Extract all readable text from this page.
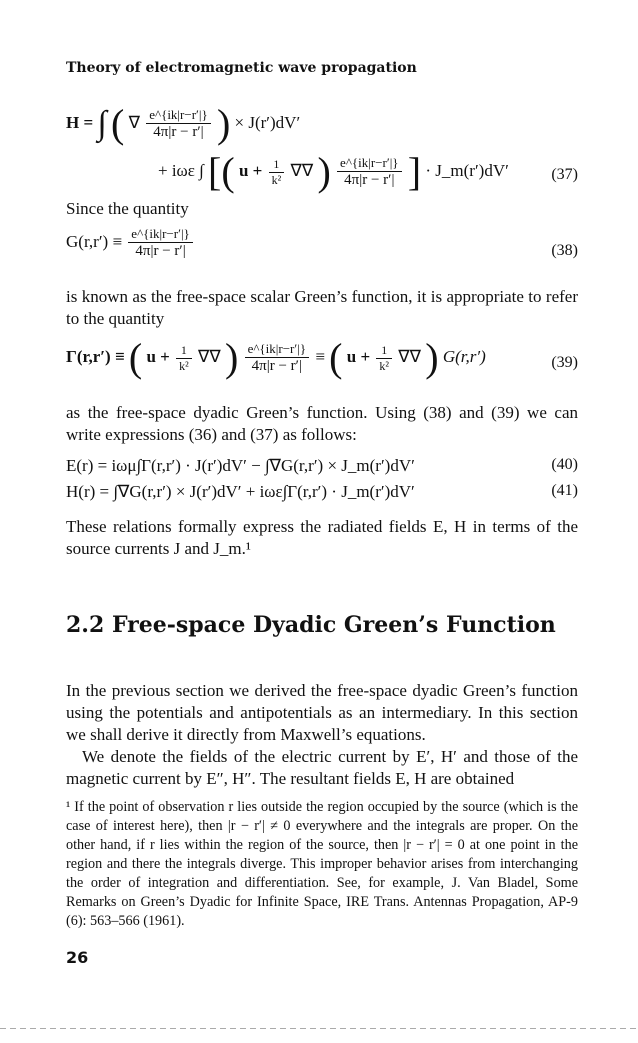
Theory of electromagnetic wave propagation
H = ∫ ( ∇ $\frac{e\^{}\{ik|r-r'|\}}{4\pi|r - r'|}$ ) × J(r′)dV′
+ iωε ∫ [( $u + \frac{1}{\text{k²}}$ ∇∇ ) $\frac{e\^{}\{ik|r-r'|\}}{4\pi|r - r'|}$ ] · J_m(r′)dV′	(37)

Since the quantity

$G(r,r') \equiv \frac{e\^{}\{ik|r-r'|\}}{4\pi|r - r'|}$	(38)

is known as the free-space scalar Green’s function, it is appropriate to refer to the quantity

Γ(r,r′) ≡ ( $u + \frac{1}{\text{k²}}$ ∇∇ ) $\frac{e\^{}\{ik|r-r'|\}}{4\pi|r - r'|}$ ≡ ( $u + \frac{1}{\text{k²}}$ ∇∇ ) G(r,r′)	(39)

as the free-space dyadic Green’s function. Using (38) and (39) we can write expressions (36) and (37) as follows:

E(r) = iωμ∫Γ(r,r′) · J(r′)dV′ − ∫∇G(r,r′) × J_m(r′)dV′	(40)
H(r) = ∫∇G(r,r′) × J(r′)dV′ + iωε∫Γ(r,r′) · J_m(r′)dV′	(41)

These relations formally express the radiated fields E, H in terms of the source currents J and J_m.¹

2.2 Free-space Dyadic Green’s Function

In the previous section we derived the free-space dyadic Green’s function using the potentials and antipotentials as an intermediary. In this section we shall derive it directly from Maxwell’s equations.

We denote the fields of the electric current by E′, H′ and those of the magnetic current by E″, H″. The resultant fields E, H are obtained

¹ If the point of observation r lies outside the region occupied by the source (which is the case of interest here), then |r − r′| ≠ 0 everywhere and the integrals are proper. On the other hand, if r lies within the region of the source, then |r − r′| = 0 at one point in the region and there the integrals diverge. This improper behavior arises from interchanging the order of integration and differentiation. See, for example, J. Van Bladel, Some Remarks on Green’s Dyadic for Infinite Space, IRE Trans. Antennas Propagation, AP-9 (6): 563–566 (1961).
26
